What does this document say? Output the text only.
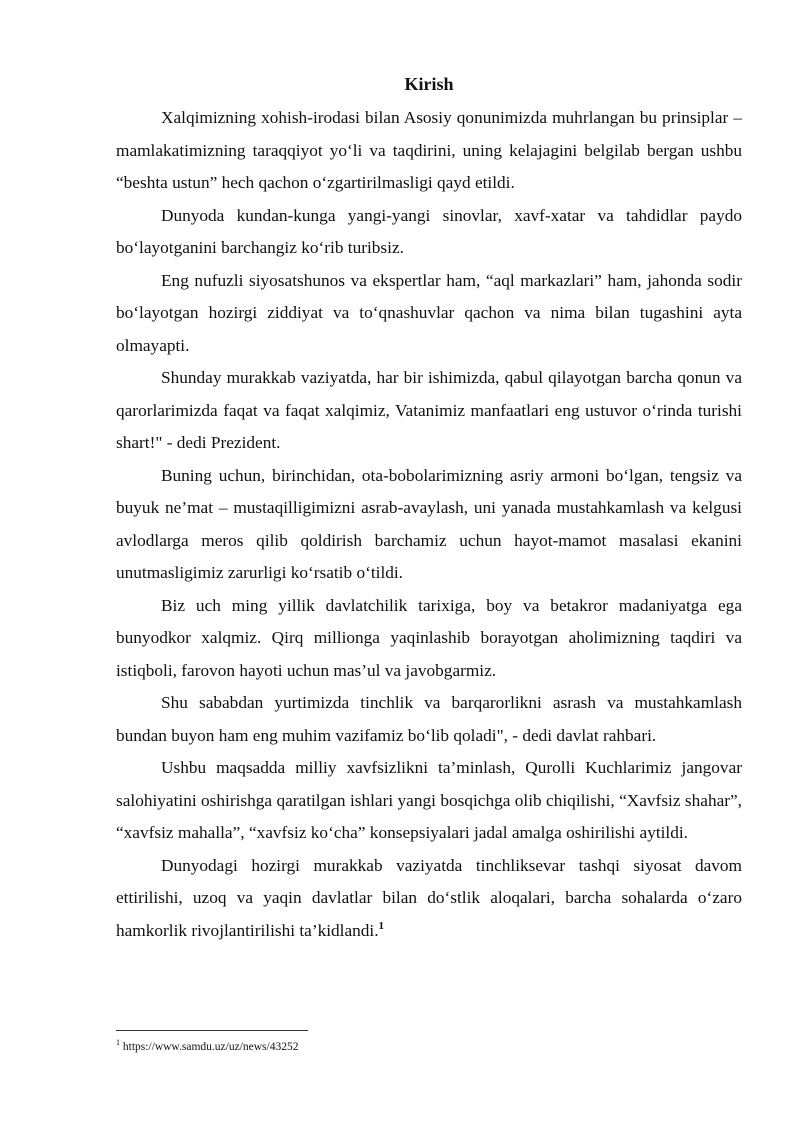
Kirish

Xalqimizning xohish-irodasi bilan Asosiy qonunimizda muhrlangan bu prinsiplar – mamlakatimizning taraqqiyot yo‘li va taqdirini, uning kelajagini belgilab bergan ushbu “beshta ustun” hech qachon o‘zgartirilmasligi qayd etildi.

Dunyoda kundan-kunga yangi-yangi sinovlar, xavf-xatar va tahdidlar paydo bo‘layotganini barchangiz ko‘rib turibsiz.

Eng nufuzli siyosatshunos va ekspertlar ham, “aql markazlari” ham, jahonda sodir bo‘layotgan hozirgi ziddiyat va to‘qnashuvlar qachon va nima bilan tugashini ayta olmayapti.

Shunday murakkab vaziyatda, har bir ishimizda, qabul qilayotgan barcha qonun va qarorlarimizda faqat va faqat xalqimiz, Vatanimiz manfaatlari eng ustuvor o‘rinda turishi shart!" - dedi Prezident.

Buning uchun, birinchidan, ota-bobolarimizning asriy armoni bo‘lgan, tengsiz va buyuk ne’mat – mustaqilligimizni asrab-avaylash, uni yanada mustahkamlash va kelgusi avlodlarga meros qilib qoldirish barchamiz uchun hayot-mamot masalasi ekanini unutmasligimiz zarurligi ko‘rsatib o‘tildi.

Biz uch ming yillik davlatchilik tarixiga, boy va betakror madaniyatga ega bunyodkor xalqmiz. Qirq millionga yaqinlashib borayotgan aholimizning taqdiri va istiqboli, farovon hayoti uchun mas’ul va javobgarmiz.

Shu sababdan yurtimizda tinchlik va barqarorlikni asrash va mustahkamlash bundan buyon ham eng muhim vazifamiz bo‘lib qoladi", - dedi davlat rahbari.

Ushbu maqsadda milliy xavfsizlikni ta’minlash, Qurolli Kuchlarimiz jangovar salohiyatini oshirishga qaratilgan ishlari yangi bosqichga olib chiqilishi, “Xavfsiz shahar”, “xavfsiz mahalla”, “xavfsiz ko‘cha” konsepsiyalari jadal amalga oshirilishi aytildi.

Dunyodagi hozirgi murakkab vaziyatda tinchliksevar tashqi siyosat davom ettirilishi, uzoq va yaqin davlatlar bilan do‘stlik aloqalari, barcha sohalarda o‘zaro hamkorlik rivojlantirilishi ta’kidlandi.$^1$

$^1$ https://www.samdu.uz/uz/news/43252
